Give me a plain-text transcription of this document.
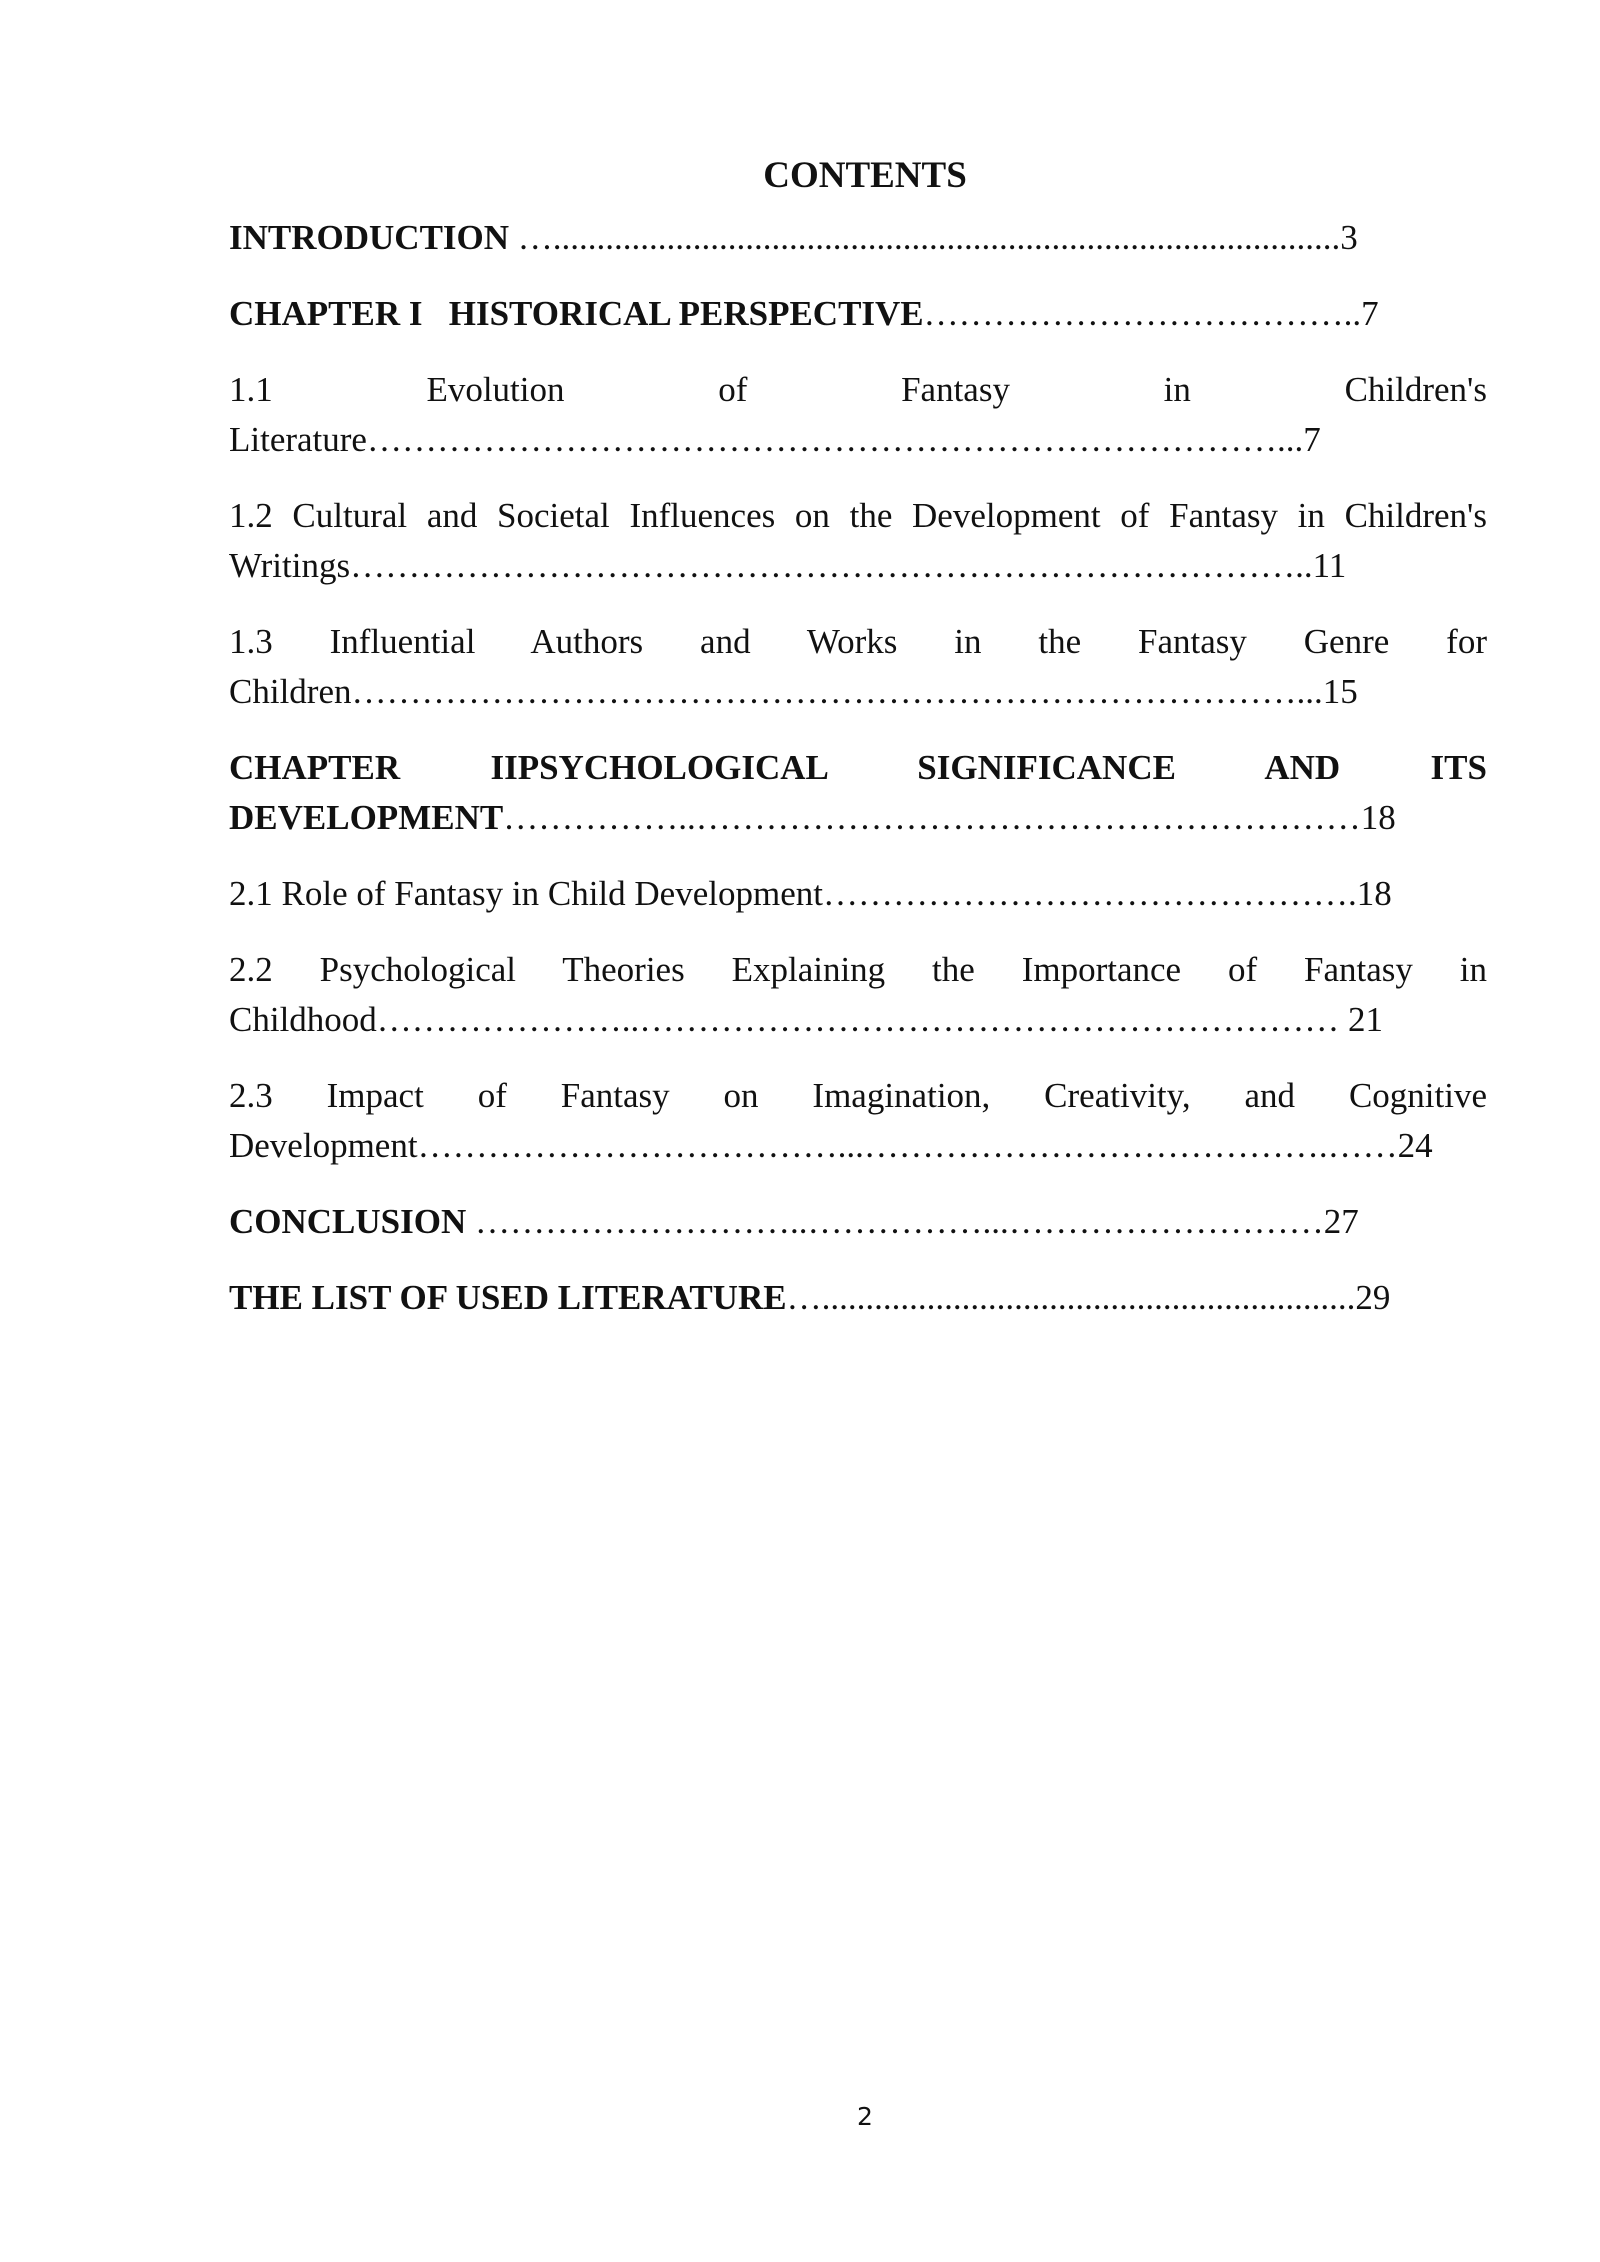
CONTENTS

INTRODUCTION …..........................................................................................3

CHAPTER I   HISTORICAL PERSPECTIVE………………………………..7

1.1 Evolution of Fantasy in Children's Literature……………………………………………………………………...7

1.2 Cultural and Societal Influences on the Development of Fantasy in Children's Writings………………………………………………………………………..11

1.3 Influential Authors and Works in the Fantasy Genre for Children………………………………………………………………………...15

CHAPTER IIPSYCHOLOGICAL SIGNIFICANCE AND ITS DEVELOPMENT……………..…………………………………………………18

2.1 Role of Fantasy in Child Development……………………………………….18

2.2 Psychological Theories Explaining the Importance of Fantasy in Childhood…………………..…………………………………………………… 21

2.3 Impact of Fantasy on Imagination, Creativity, and Cognitive Development………………………………...………………………………….……24

CONCLUSION ………………………..……………...………………………27

THE LIST OF USED LITERATURE….............................................................29

2
